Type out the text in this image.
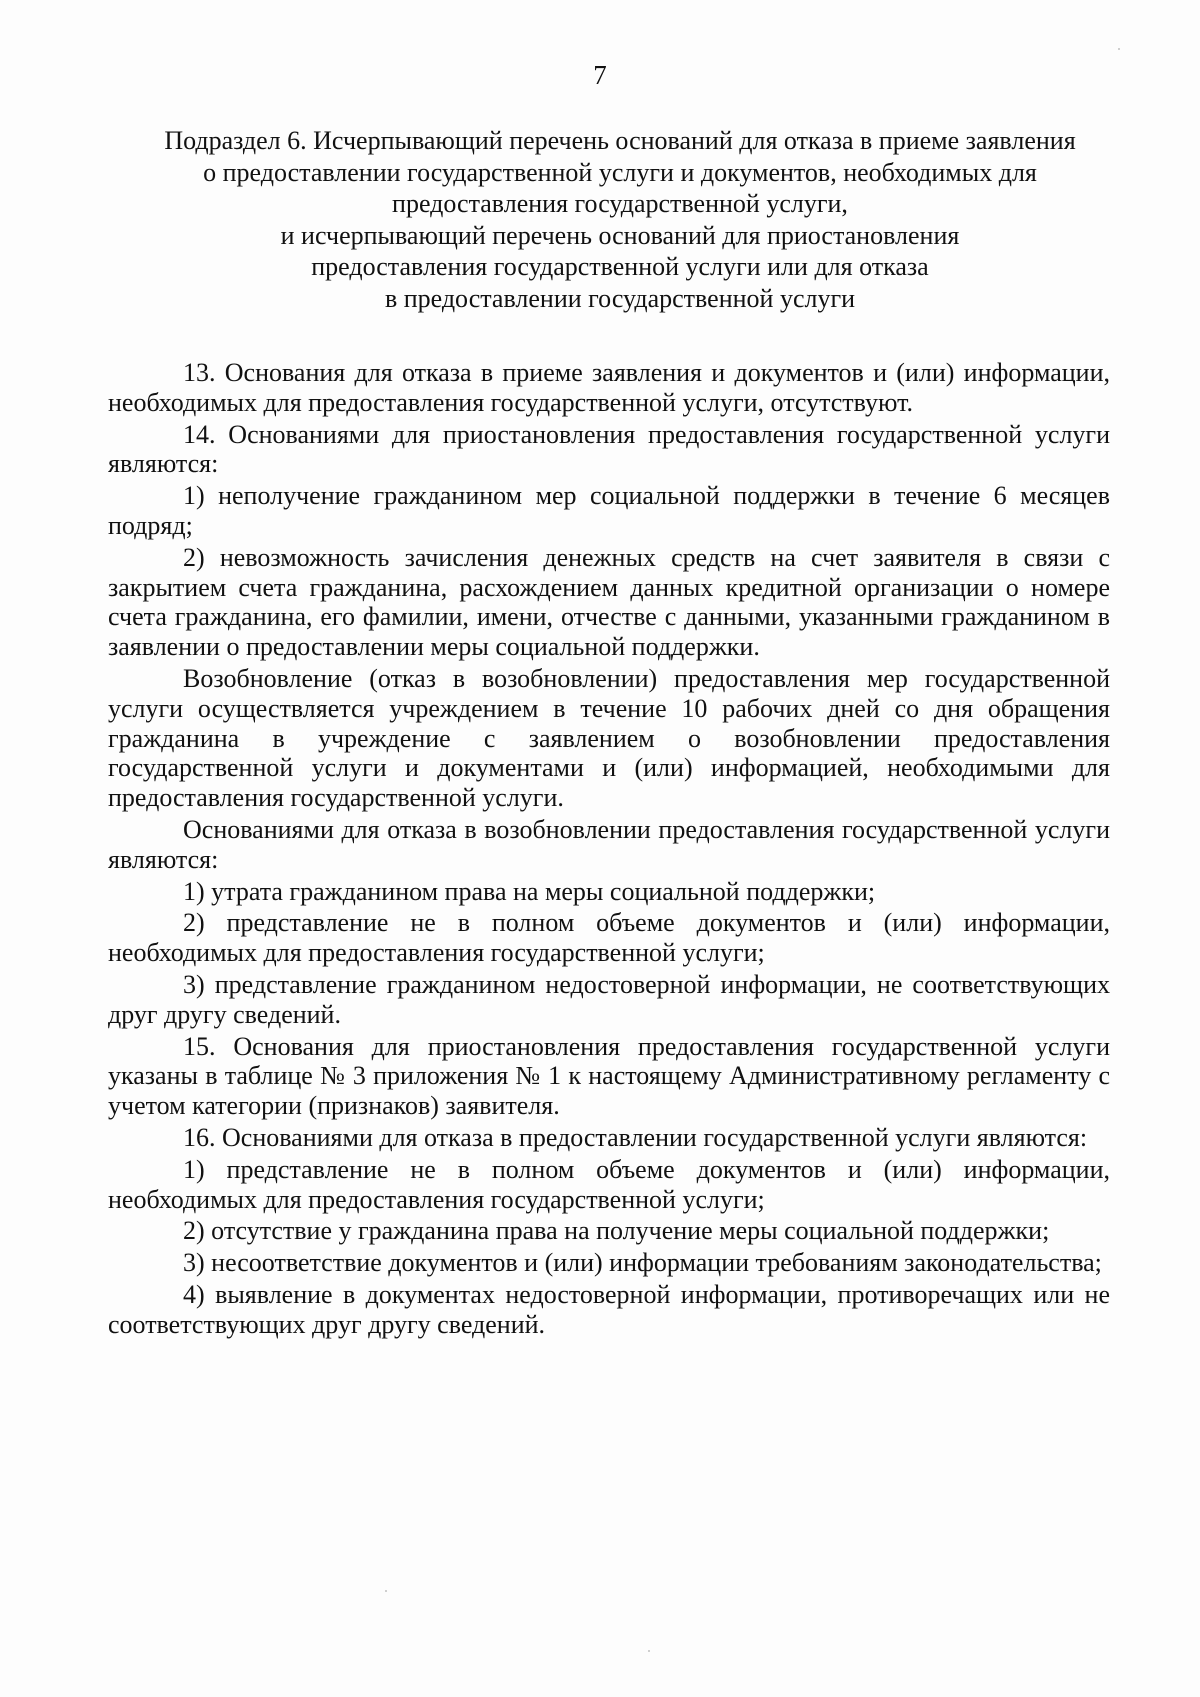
7
Подраздел 6. Исчерпывающий перечень оснований для отказа в приеме заявления
о предоставлении государственной услуги и документов, необходимых для
предоставления государственной услуги,
и исчерпывающий перечень оснований для приостановления
предоставления государственной услуги или для отказа
в предоставлении государственной услуги

13. Основания для отказа в приеме заявления и документов и (или) информации, необходимых для предоставления государственной услуги, отсутствуют.

14. Основаниями для приостановления предоставления государственной услуги являются:

1) неполучение гражданином мер социальной поддержки в течение 6 месяцев подряд;

2) невозможность зачисления денежных средств на счет заявителя в связи с закрытием счета гражданина, расхождением данных кредитной организации о номере счета гражданина, его фамилии, имени, отчестве с данными, указанными гражданином в заявлении о предоставлении меры социальной поддержки.

Возобновление (отказ в возобновлении) предоставления мер государственной услуги осуществляется учреждением в течение 10 рабочих дней со дня обращения гражданина в учреждение с заявлением о возобновлении предоставления государственной услуги и документами и (или) информацией, необходимыми для предоставления государственной услуги.

Основаниями для отказа в возобновлении предоставления государственной услуги являются:

1) утрата гражданином права на меры социальной поддержки;

2) представление не в полном объеме документов и (или) информации, необходимых для предоставления государственной услуги;

3) представление гражданином недостоверной информации, не соответствующих друг другу сведений.

15. Основания для приостановления предоставления государственной услуги указаны в таблице № 3 приложения № 1 к настоящему Административному регламенту с учетом категории (признаков) заявителя.

16. Основаниями для отказа в предоставлении государственной услуги являются:

1) представление не в полном объеме документов и (или) информации, необходимых для предоставления государственной услуги;

2) отсутствие у гражданина права на получение меры социальной поддержки;

3) несоответствие документов и (или) информации требованиям законодательства;

4) выявление в документах недостоверной информации, противоречащих или не соответствующих друг другу сведений.
